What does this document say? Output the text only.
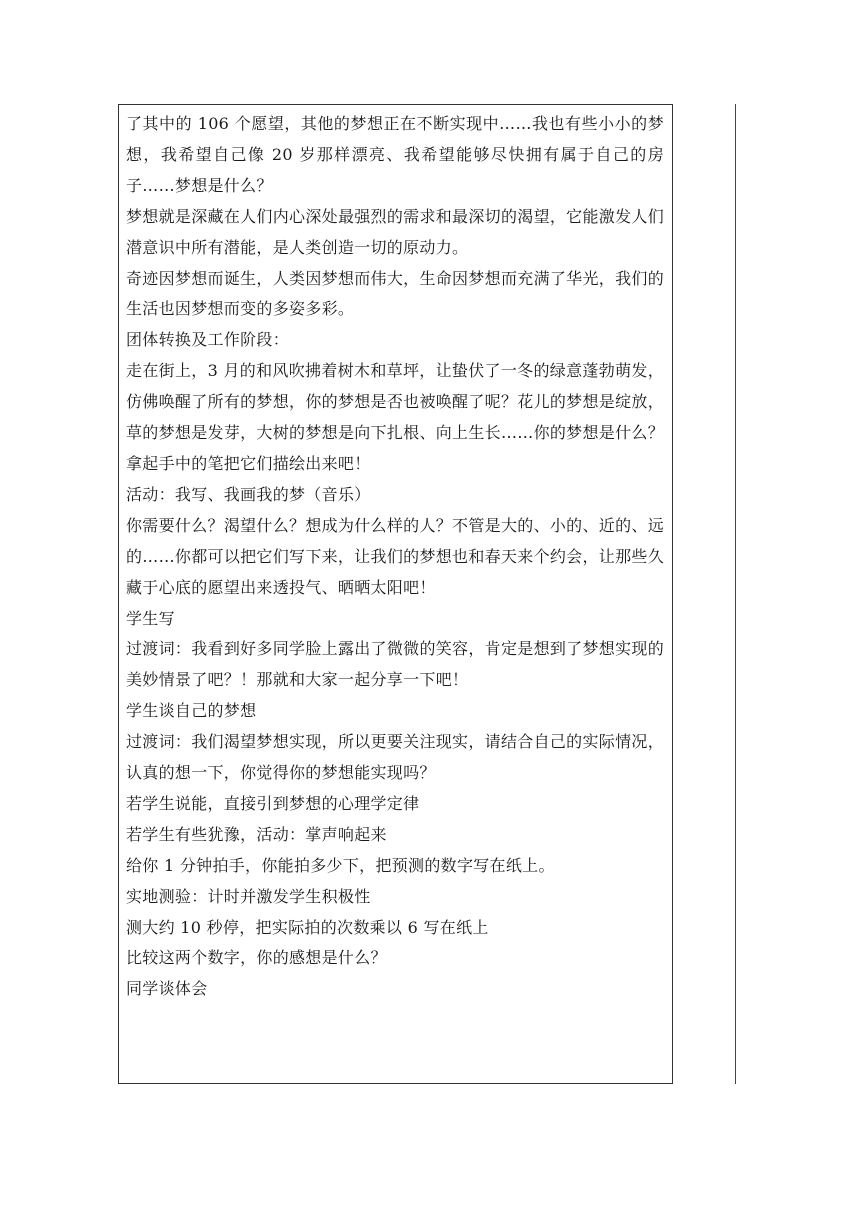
了其中的 106 个愿望，其他的梦想正在不断实现中……我也有些小小的梦想，我希望自己像 20 岁那样漂亮、我希望能够尽快拥有属于自己的房子……梦想是什么？

梦想就是深藏在人们内心深处最强烈的需求和最深切的渴望，它能激发人们潜意识中所有潜能，是人类创造一切的原动力。

奇迹因梦想而诞生，人类因梦想而伟大，生命因梦想而充满了华光，我们的生活也因梦想而变的多姿多彩。

团体转换及工作阶段：

走在街上，3 月的和风吹拂着树木和草坪，让蛰伏了一冬的绿意蓬勃萌发，仿佛唤醒了所有的梦想，你的梦想是否也被唤醒了呢？花儿的梦想是绽放，草的梦想是发芽，大树的梦想是向下扎根、向上生长……你的梦想是什么？拿起手中的笔把它们描绘出来吧！

活动：我写、我画我的梦（音乐）

你需要什么？渴望什么？想成为什么样的人？不管是大的、小的、近的、远的……你都可以把它们写下来，让我们的梦想也和春天来个约会，让那些久藏于心底的愿望出来透投气、晒晒太阳吧！

学生写

过渡词：我看到好多同学脸上露出了微微的笑容，肯定是想到了梦想实现的美妙情景了吧？！那就和大家一起分享一下吧！

学生谈自己的梦想

过渡词：我们渴望梦想实现，所以更要关注现实，请结合自己的实际情况，认真的想一下，你觉得你的梦想能实现吗？

若学生说能，直接引到梦想的心理学定律

若学生有些犹豫，活动：掌声响起来

给你 1 分钟拍手，你能拍多少下，把预测的数字写在纸上。

实地测验：计时并激发学生积极性

测大约 10 秒停，把实际拍的次数乘以 6 写在纸上

比较这两个数字，你的感想是什么？

同学谈体会
